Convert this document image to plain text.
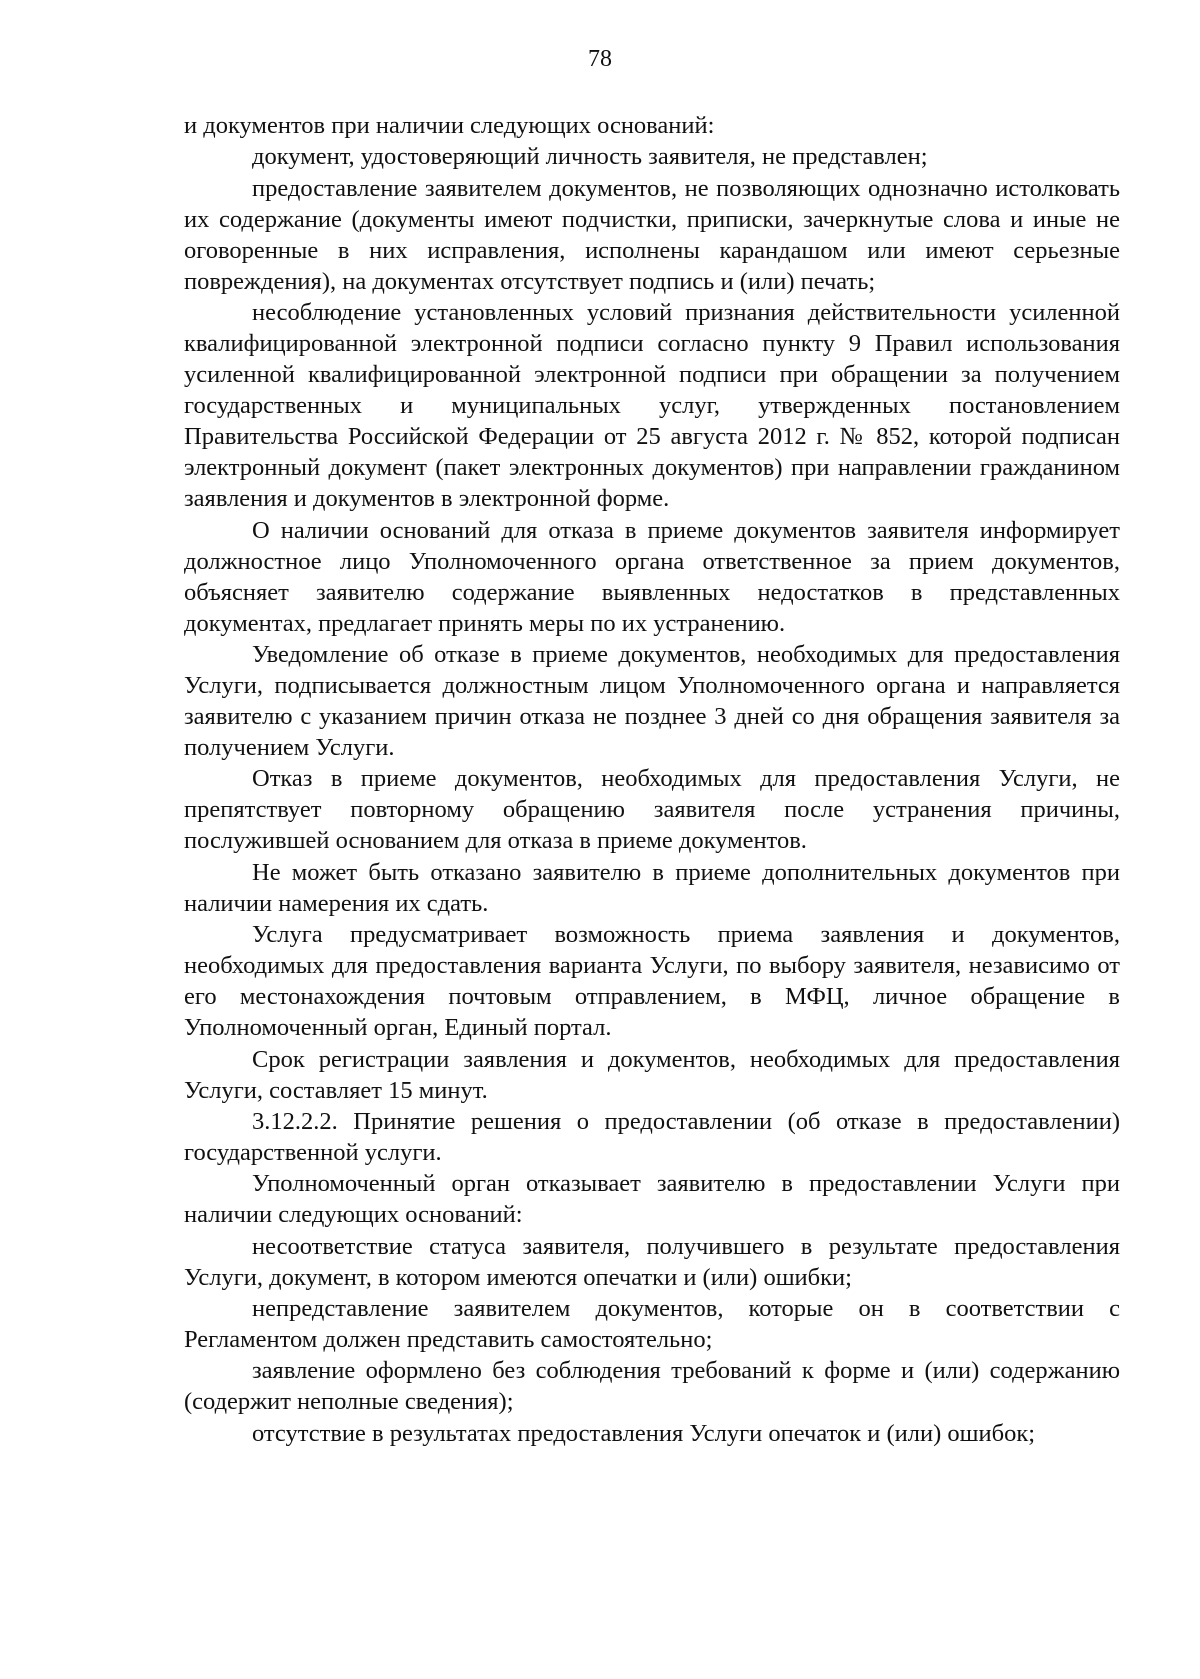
78

и документов при наличии следующих оснований:

документ, удостоверяющий личность заявителя, не представлен;

предоставление заявителем документов, не позволяющих однозначно истолковать их содержание (документы имеют подчистки, приписки, зачеркнутые слова и иные не оговоренные в них исправления, исполнены карандашом или имеют серьезные повреждения), на документах отсутствует подпись и (или) печать;

несоблюдение установленных условий признания действительности усиленной квалифицированной электронной подписи согласно пункту 9 Правил использования усиленной квалифицированной электронной подписи при обращении за получением государственных и муниципальных услуг, утвержденных постановлением Правительства Российской Федерации от 25 августа 2012 г. № 852, которой подписан электронный документ (пакет электронных документов) при направлении гражданином заявления и документов в электронной форме.

О наличии оснований для отказа в приеме документов заявителя информирует должностное лицо Уполномоченного органа ответственное за прием документов, объясняет заявителю содержание выявленных недостатков в представленных документах, предлагает принять меры по их устранению.

Уведомление об отказе в приеме документов, необходимых для предоставления Услуги, подписывается должностным лицом Уполномоченного органа и направляется заявителю с указанием причин отказа не позднее 3 дней со дня обращения заявителя за получением Услуги.

Отказ в приеме документов, необходимых для предоставления Услуги, не препятствует повторному обращению заявителя после устранения причины, послужившей основанием для отказа в приеме документов.

Не может быть отказано заявителю в приеме дополнительных документов при наличии намерения их сдать.

Услуга предусматривает возможность приема заявления и документов, необходимых для предоставления варианта Услуги, по выбору заявителя, независимо от его местонахождения почтовым отправлением, в МФЦ, личное обращение в Уполномоченный орган, Единый портал.

Срок регистрации заявления и документов, необходимых для предоставления Услуги, составляет 15 минут.

3.12.2.2. Принятие решения о предоставлении (об отказе в предоставлении) государственной услуги.

Уполномоченный орган отказывает заявителю в предоставлении Услуги при наличии следующих оснований:

несоответствие статуса заявителя, получившего в результате предоставления Услуги, документ, в котором имеются опечатки и (или) ошибки;

непредставление заявителем документов, которые он в соответствии с Регламентом должен представить самостоятельно;

заявление оформлено без соблюдения требований к форме и (или) содержанию (содержит неполные сведения);

отсутствие в результатах предоставления Услуги опечаток и (или) ошибок;
